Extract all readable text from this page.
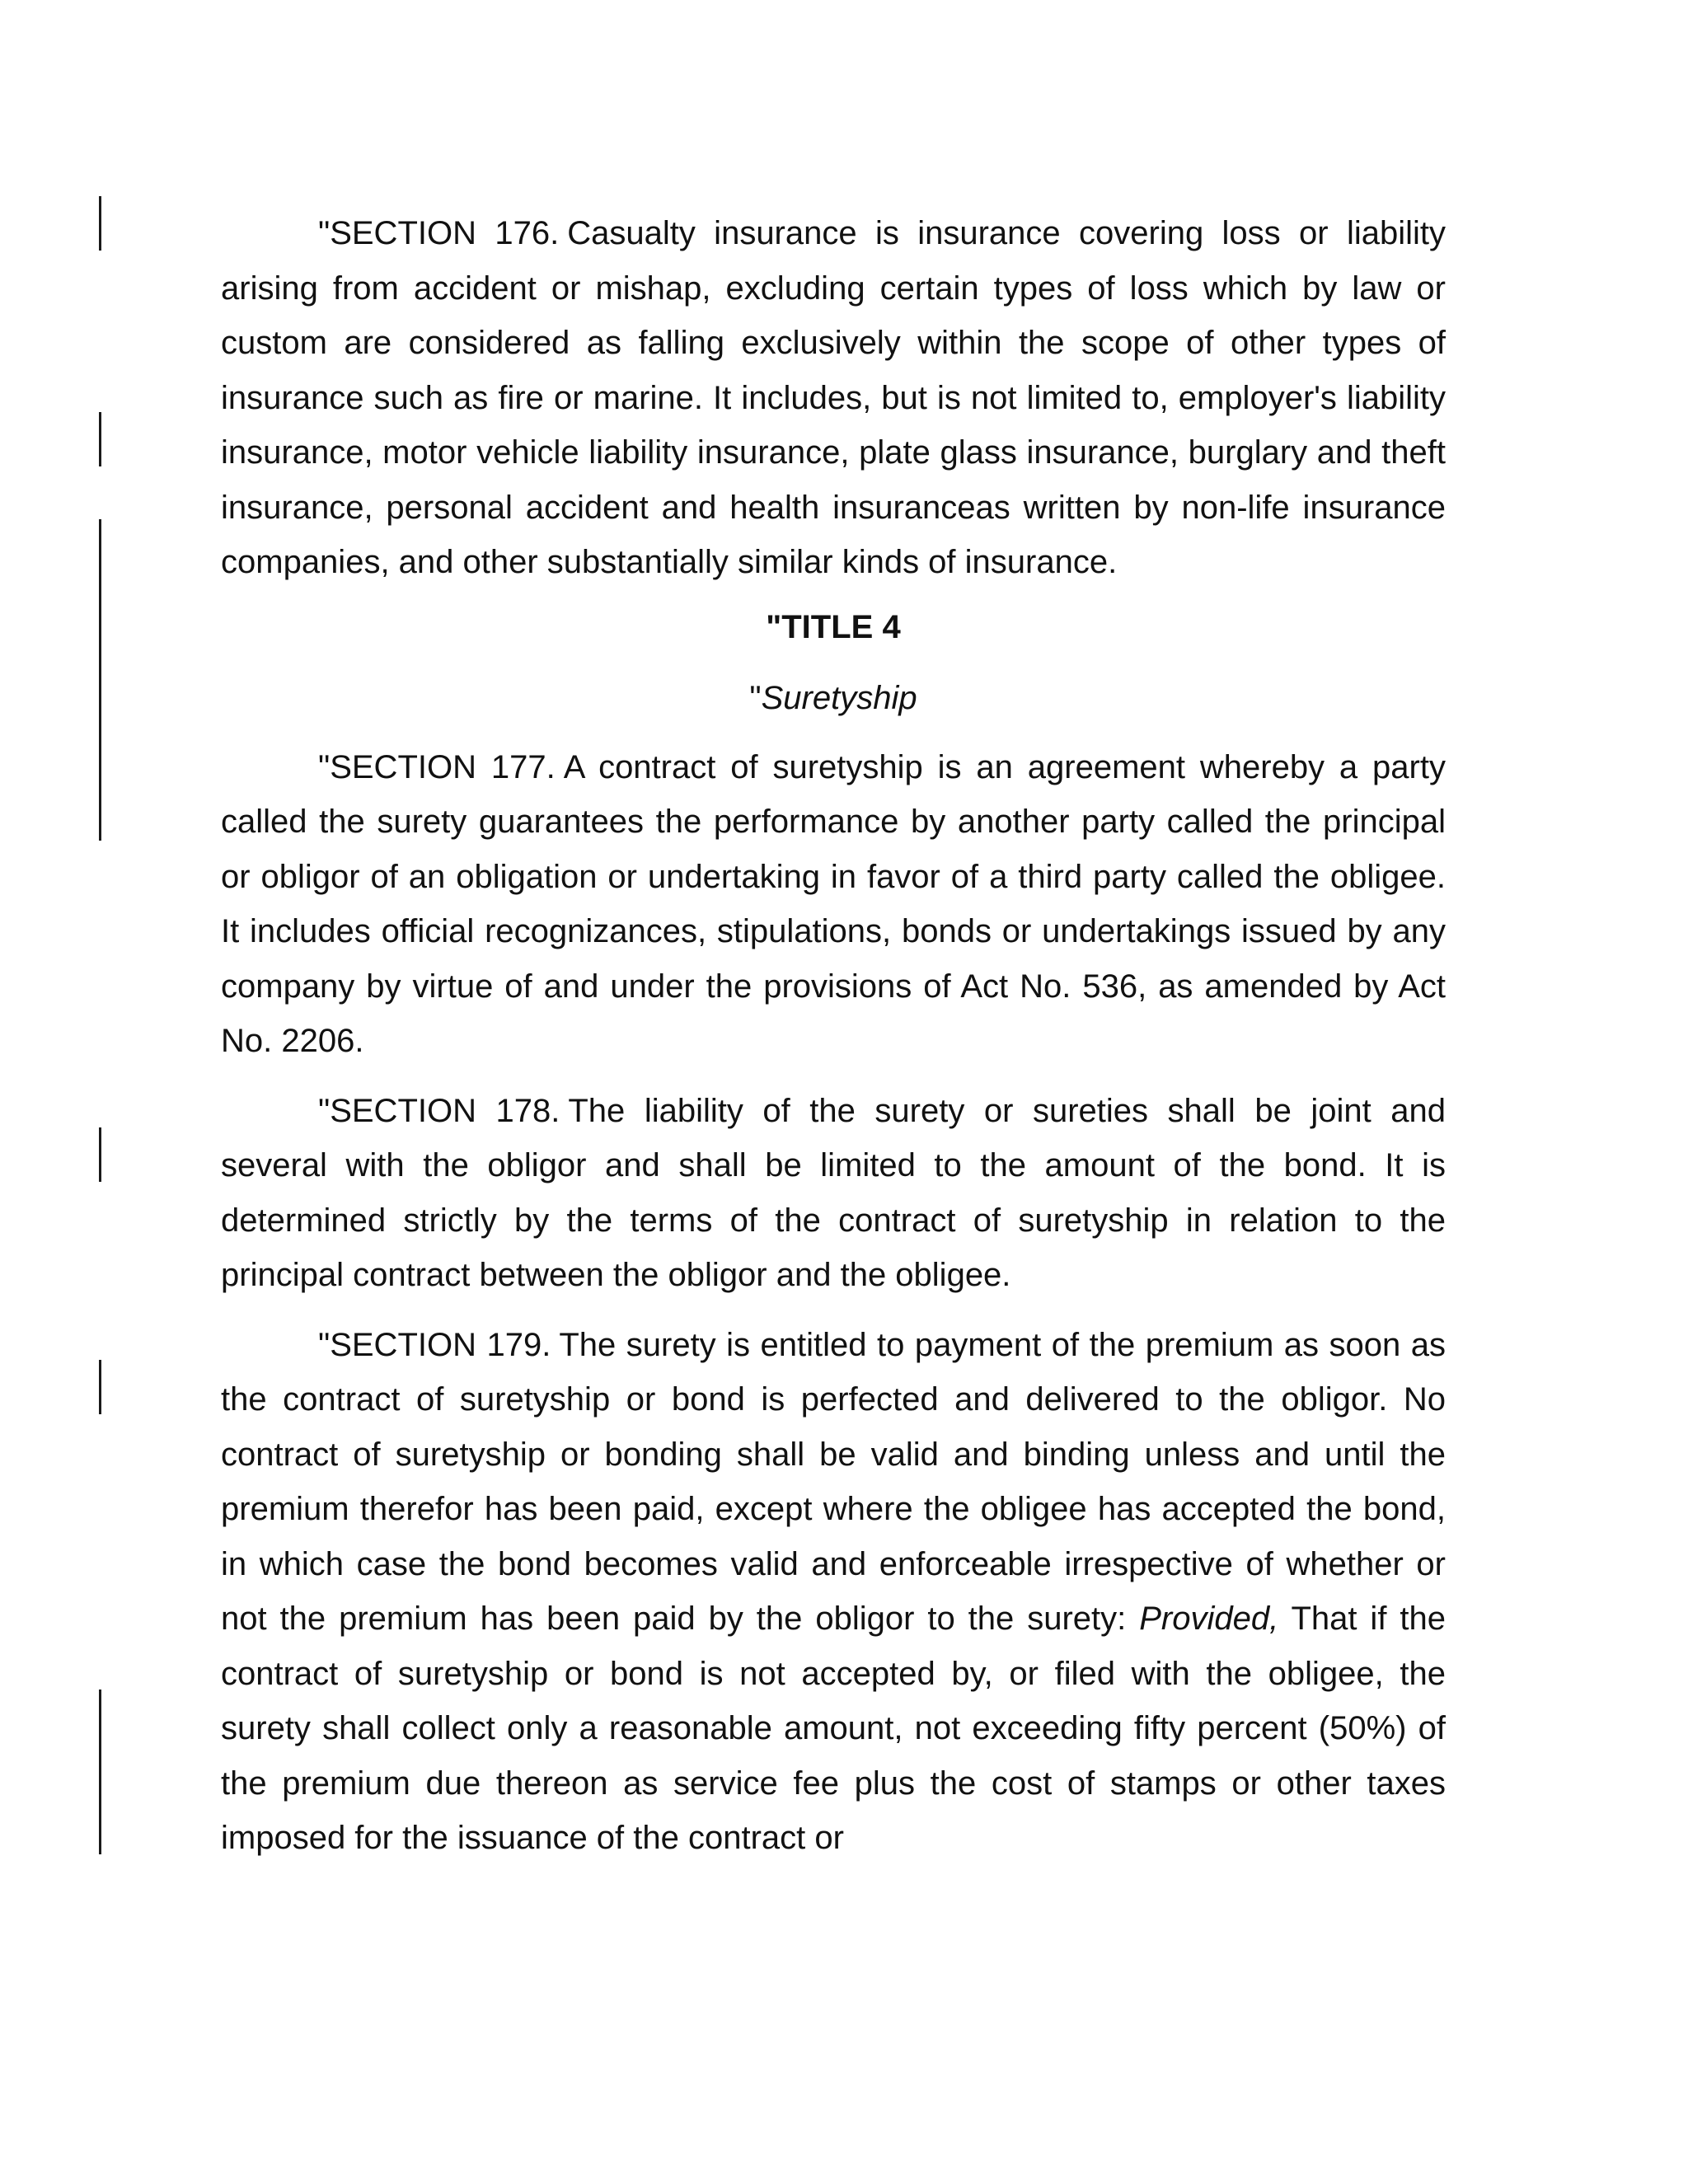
"SECTION 176. Casualty insurance is insurance covering loss or liability arising from accident or mishap, excluding certain types of loss which by law or custom are considered as falling exclusively within the scope of other types of insurance such as fire or marine. It includes, but is not limited to, employer's liability insurance, motor vehicle liability insurance, plate glass insurance, burglary and theft insurance, personal accident and health insuranceas written by non-life insurance companies, and other substantially similar kinds of insurance.

"TITLE 4
"Suretyship

"SECTION 177. A contract of suretyship is an agreement whereby a party called the surety guarantees the performance by another party called the principal or obligor of an obligation or undertaking in favor of a third party called the obligee. It includes official recognizances, stipulations, bonds or undertakings issued by any company by virtue of and under the provisions of Act No. 536, as amended by Act No. 2206.

"SECTION 178. The liability of the surety or sureties shall be joint and several with the obligor and shall be limited to the amount of the bond. It is determined strictly by the terms of the contract of suretyship in relation to the principal contract between the obligor and the obligee.

"SECTION 179. The surety is entitled to payment of the premium as soon as the contract of suretyship or bond is perfected and delivered to the obligor. No contract of suretyship or bonding shall be valid and binding unless and until the premium therefor has been paid, except where the obligee has accepted the bond, in which case the bond becomes valid and enforceable irrespective of whether or not the premium has been paid by the obligor to the surety: Provided, That if the contract of suretyship or bond is not accepted by, or filed with the obligee, the surety shall collect only a reasonable amount, not exceeding fifty percent (50%) of the premium due thereon as service fee plus the cost of stamps or other taxes imposed for the issuance of the contract or
